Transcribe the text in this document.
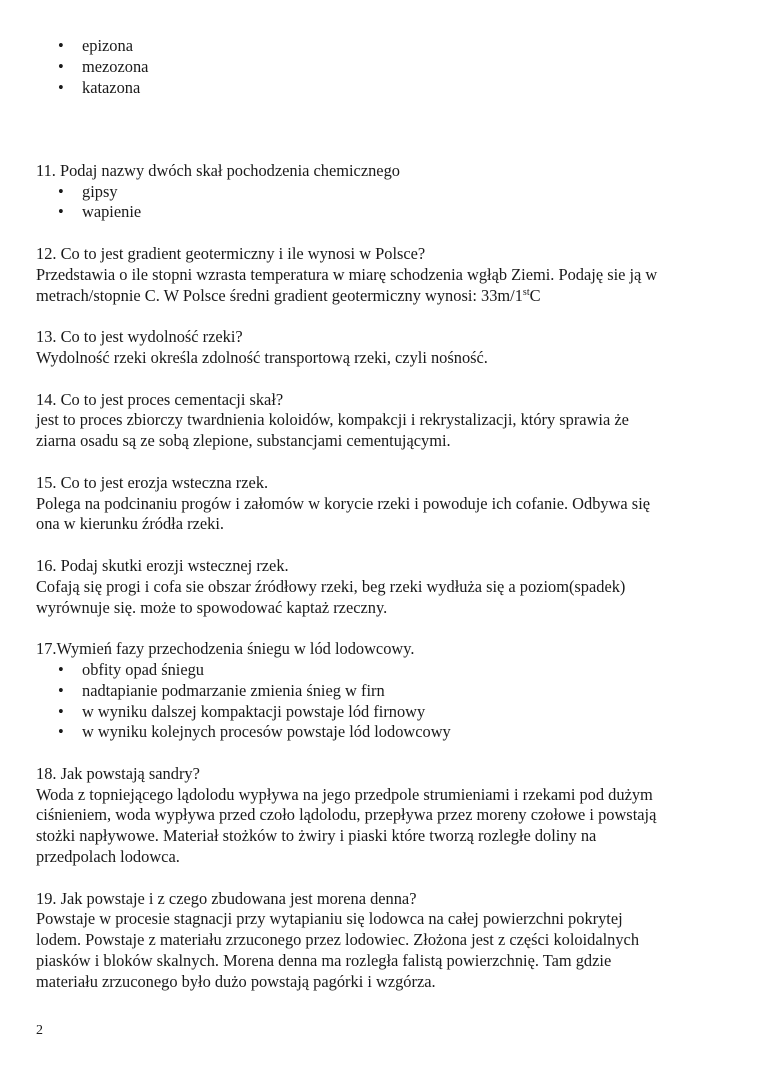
• epizona
• mezozona
• katazona
11. Podaj nazwy dwóch skał pochodzenia chemicznego
• gipsy
• wapienie
12. Co to jest gradient geotermiczny i ile wynosi w Polsce?
Przedstawia o ile stopni wzrasta temperatura w miarę schodzenia wgłąb Ziemi. Podaję sie ją w
metrach/stopnie C. W Polsce średni gradient geotermiczny wynosi: 33m/1stC
13. Co to jest wydolność rzeki?
Wydolność rzeki określa zdolność transportową rzeki, czyli nośność.
14. Co to jest proces cementacji skał?
jest to proces zbiorczy twardnienia koloidów, kompakcji i rekrystalizacji, który sprawia że
ziarna osadu są ze sobą zlepione, substancjami cementującymi.
15. Co to jest erozja wsteczna rzek.
Polega na podcinaniu progów i załomów w korycie rzeki i powoduje ich cofanie. Odbywa się
ona w kierunku źródła rzeki.
16. Podaj skutki erozji wstecznej rzek.
Cofają się progi i cofa sie obszar źródłowy rzeki, beg rzeki wydłuża się a poziom(spadek)
wyrównuje się. może to spowodować kaptaż rzeczny.
17.Wymień fazy przechodzenia śniegu w lód lodowcowy.
• obfity opad śniegu
• nadtapianie podmarzanie zmienia śnieg w firn
• w wyniku dalszej kompaktacji powstaje lód firnowy
• w wyniku kolejnych procesów powstaje lód lodowcowy
18. Jak powstają sandry?
Woda z topniejącego lądolodu wypływa na jego przedpole strumieniami i rzekami pod dużym
ciśnieniem, woda wypływa przed czoło lądolodu, przepływa przez moreny czołowe i powstają
stożki napływowe. Materiał stożków to żwiry i piaski które tworzą rozległe doliny na
przedpolach lodowca.
19. Jak powstaje i z czego zbudowana jest morena denna?
Powstaje w procesie stagnacji przy wytapianiu się lodowca na całej powierzchni pokrytej
lodem. Powstaje z materiału zrzuconego przez lodowiec. Złożona jest z części koloidalnych
piasków i bloków skalnych. Morena denna ma rozległa falistą powierzchnię. Tam gdzie
materiału zrzuconego było dużo powstają pagórki i wzgórza.
2
